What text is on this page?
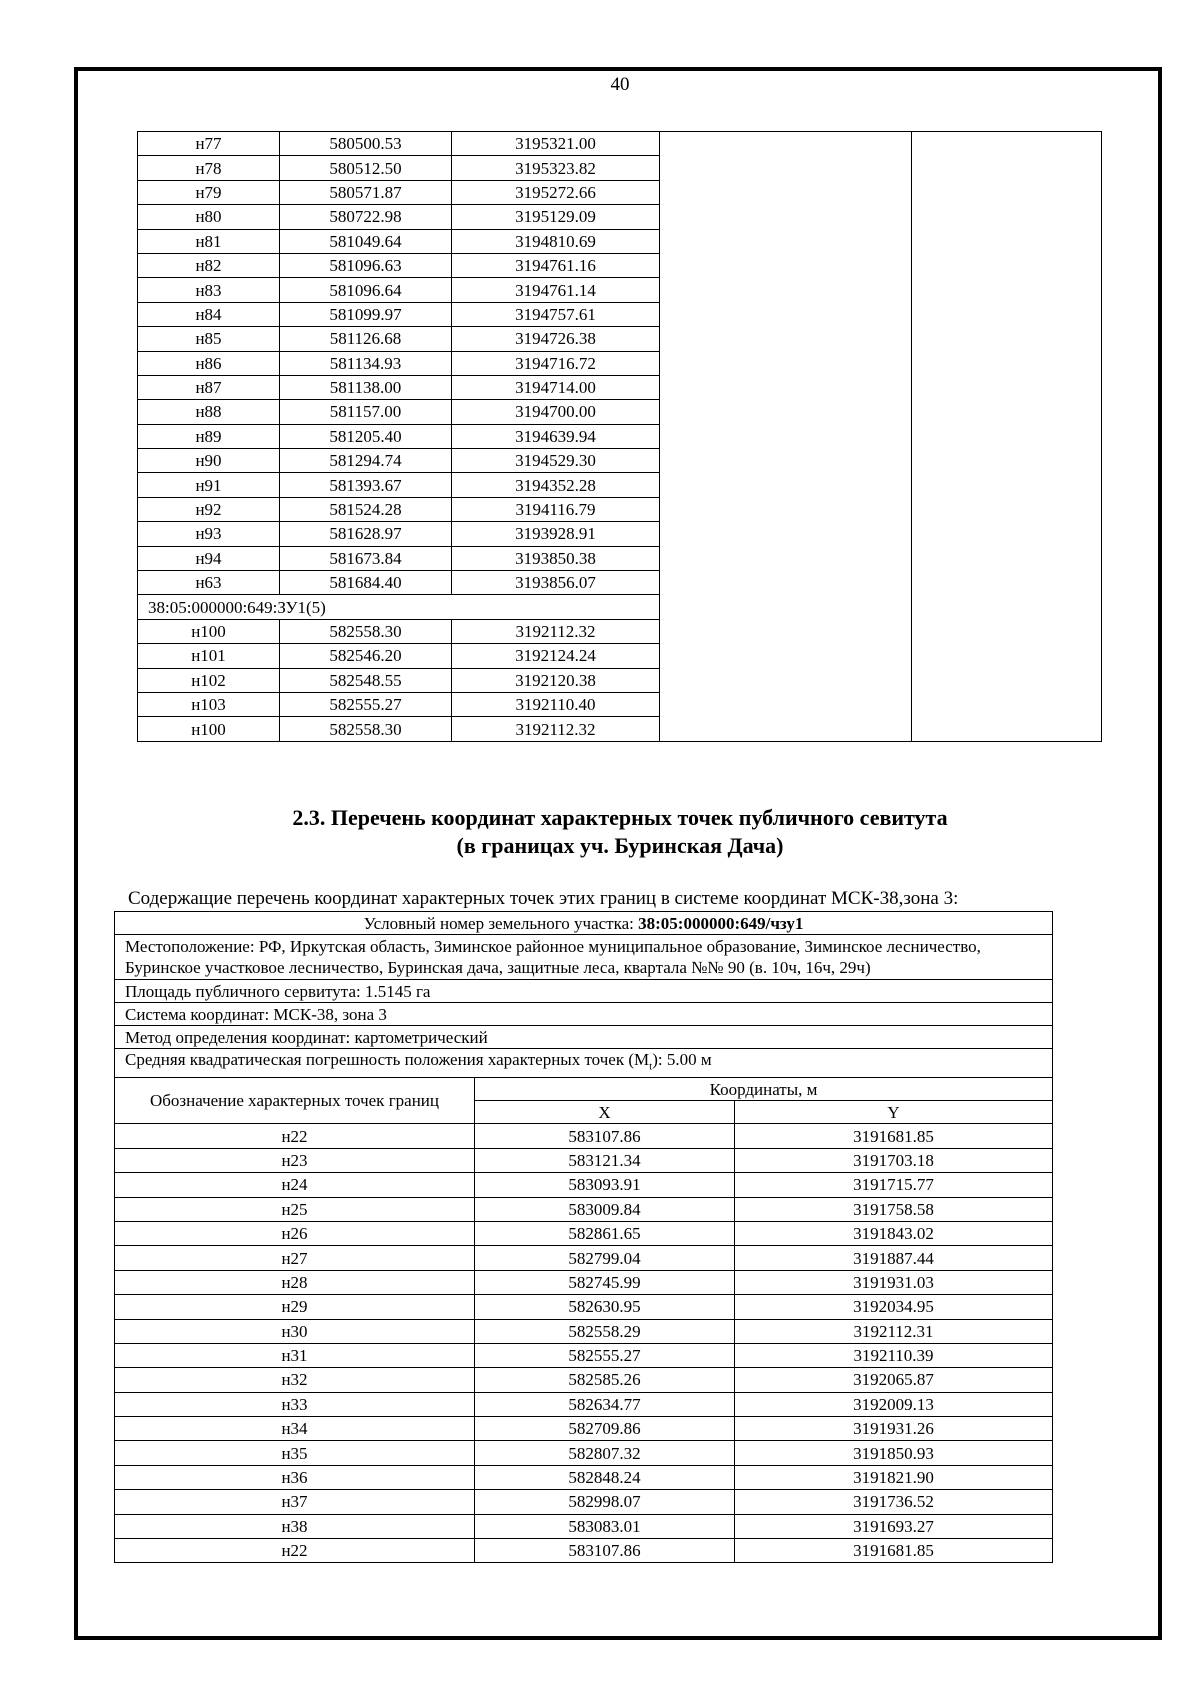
40
н77	580500.53	3195321.00		
н78	580512.50	3195323.82		
н79	580571.87	3195272.66		
н80	580722.98	3195129.09		
н81	581049.64	3194810.69		
н82	581096.63	3194761.16		
н83	581096.64	3194761.14		
н84	581099.97	3194757.61		
н85	581126.68	3194726.38		
н86	581134.93	3194716.72		
н87	581138.00	3194714.00		
н88	581157.00	3194700.00		
н89	581205.40	3194639.94		
н90	581294.74	3194529.30		
н91	581393.67	3194352.28		
н92	581524.28	3194116.79		
н93	581628.97	3193928.91		
н94	581673.84	3193850.38		
н63	581684.40	3193856.07		
38:05:000000:649:ЗУ1(5)				
н100	582558.30	3192112.32		
н101	582546.20	3192124.24		
н102	582548.55	3192120.38		
н103	582555.27	3192110.40		
н100	582558.30	3192112.32		
2.3. Перечень координат характерных точек публичного севитута
(в границах уч. Буринская Дача)
Содержащие перечень координат характерных точек этих границ в системе координат МСК-38,зона 3:
Условный номер земельного участка: 38:05:000000:649/чзу1		
Местоположение: РФ, Иркутская область, Зиминское районное муниципальное образование, Зиминское лесничество, Буринское участковое лесничество, Буринская дача, защитные леса, квартала №№ 90 (в. 10ч, 16ч, 29ч)		
Площадь публичного сервитута: 1.5145 га		
Система координат: МСК-38, зона 3		
Метод определения координат: картометрический		
Средняя квадратическая погрешность положения характерных точек $(M_t)$: 5.00 м		
Обозначение характерных точек границ	Координаты, м	
	X	Y
н22	583107.86	3191681.85
н23	583121.34	3191703.18
н24	583093.91	3191715.77
н25	583009.84	3191758.58
н26	582861.65	3191843.02
н27	582799.04	3191887.44
н28	582745.99	3191931.03
н29	582630.95	3192034.95
н30	582558.29	3192112.31
н31	582555.27	3192110.39
н32	582585.26	3192065.87
н33	582634.77	3192009.13
н34	582709.86	3191931.26
н35	582807.32	3191850.93
н36	582848.24	3191821.90
н37	582998.07	3191736.52
н38	583083.01	3191693.27
н22	583107.86	3191681.85
